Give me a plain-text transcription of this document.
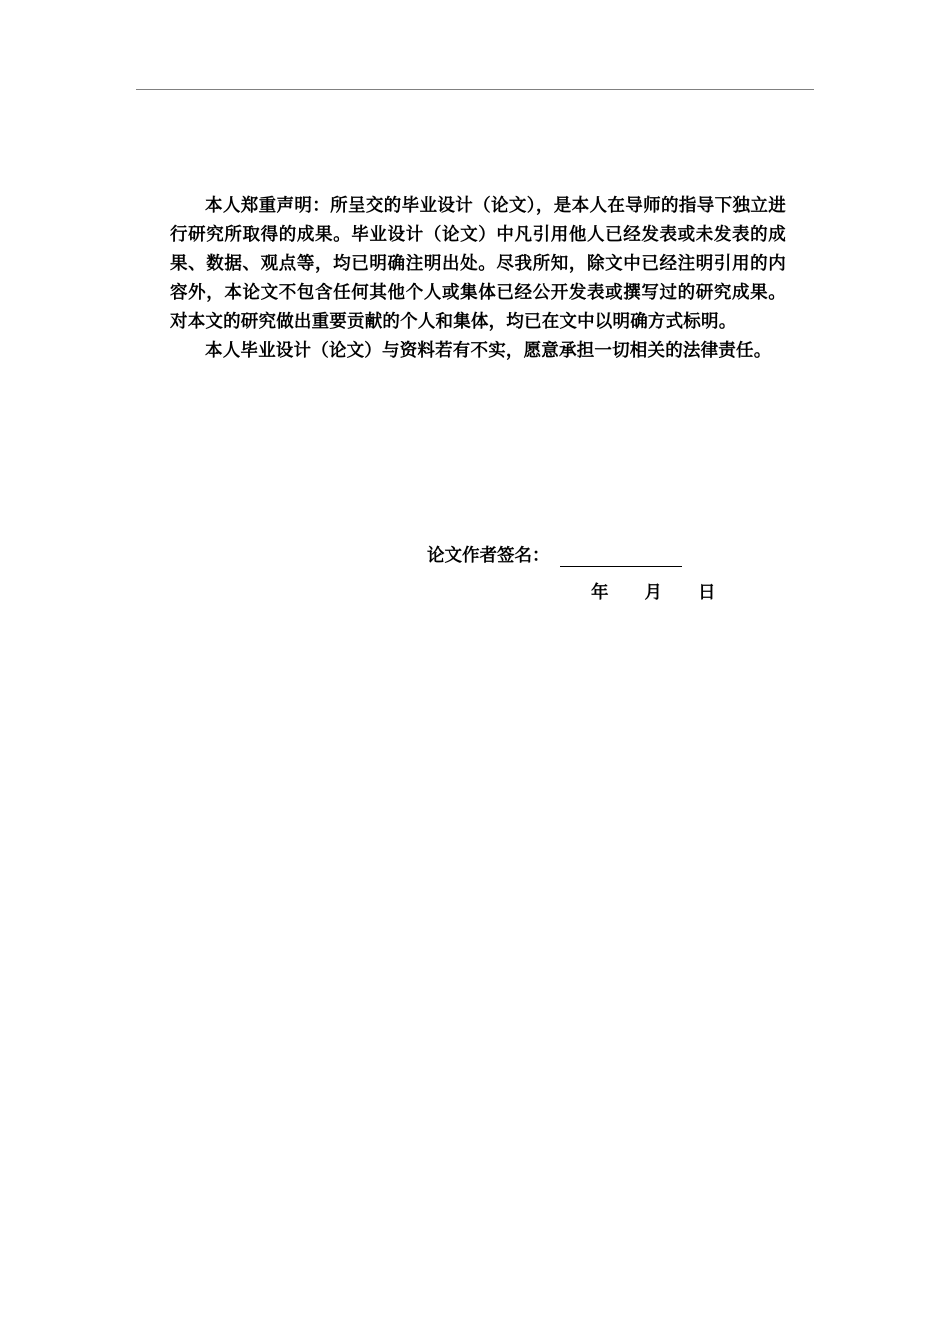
本人郑重声明：所呈交的毕业设计（论文），是本人在导师的指导下独立进行研究所取得的成果。毕业设计（论文）中凡引用他人已经发表或未发表的成果、数据、观点等，均已明确注明出处。尽我所知，除文中已经注明引用的内容外，本论文不包含任何其他个人或集体已经公开发表或撰写过的研究成果。对本文的研究做出重要贡献的个人和集体，均已在文中以明确方式标明。

本人毕业设计（论文）与资料若有不实，愿意承担一切相关的法律责任。

论文作者签名：
年 月 日
